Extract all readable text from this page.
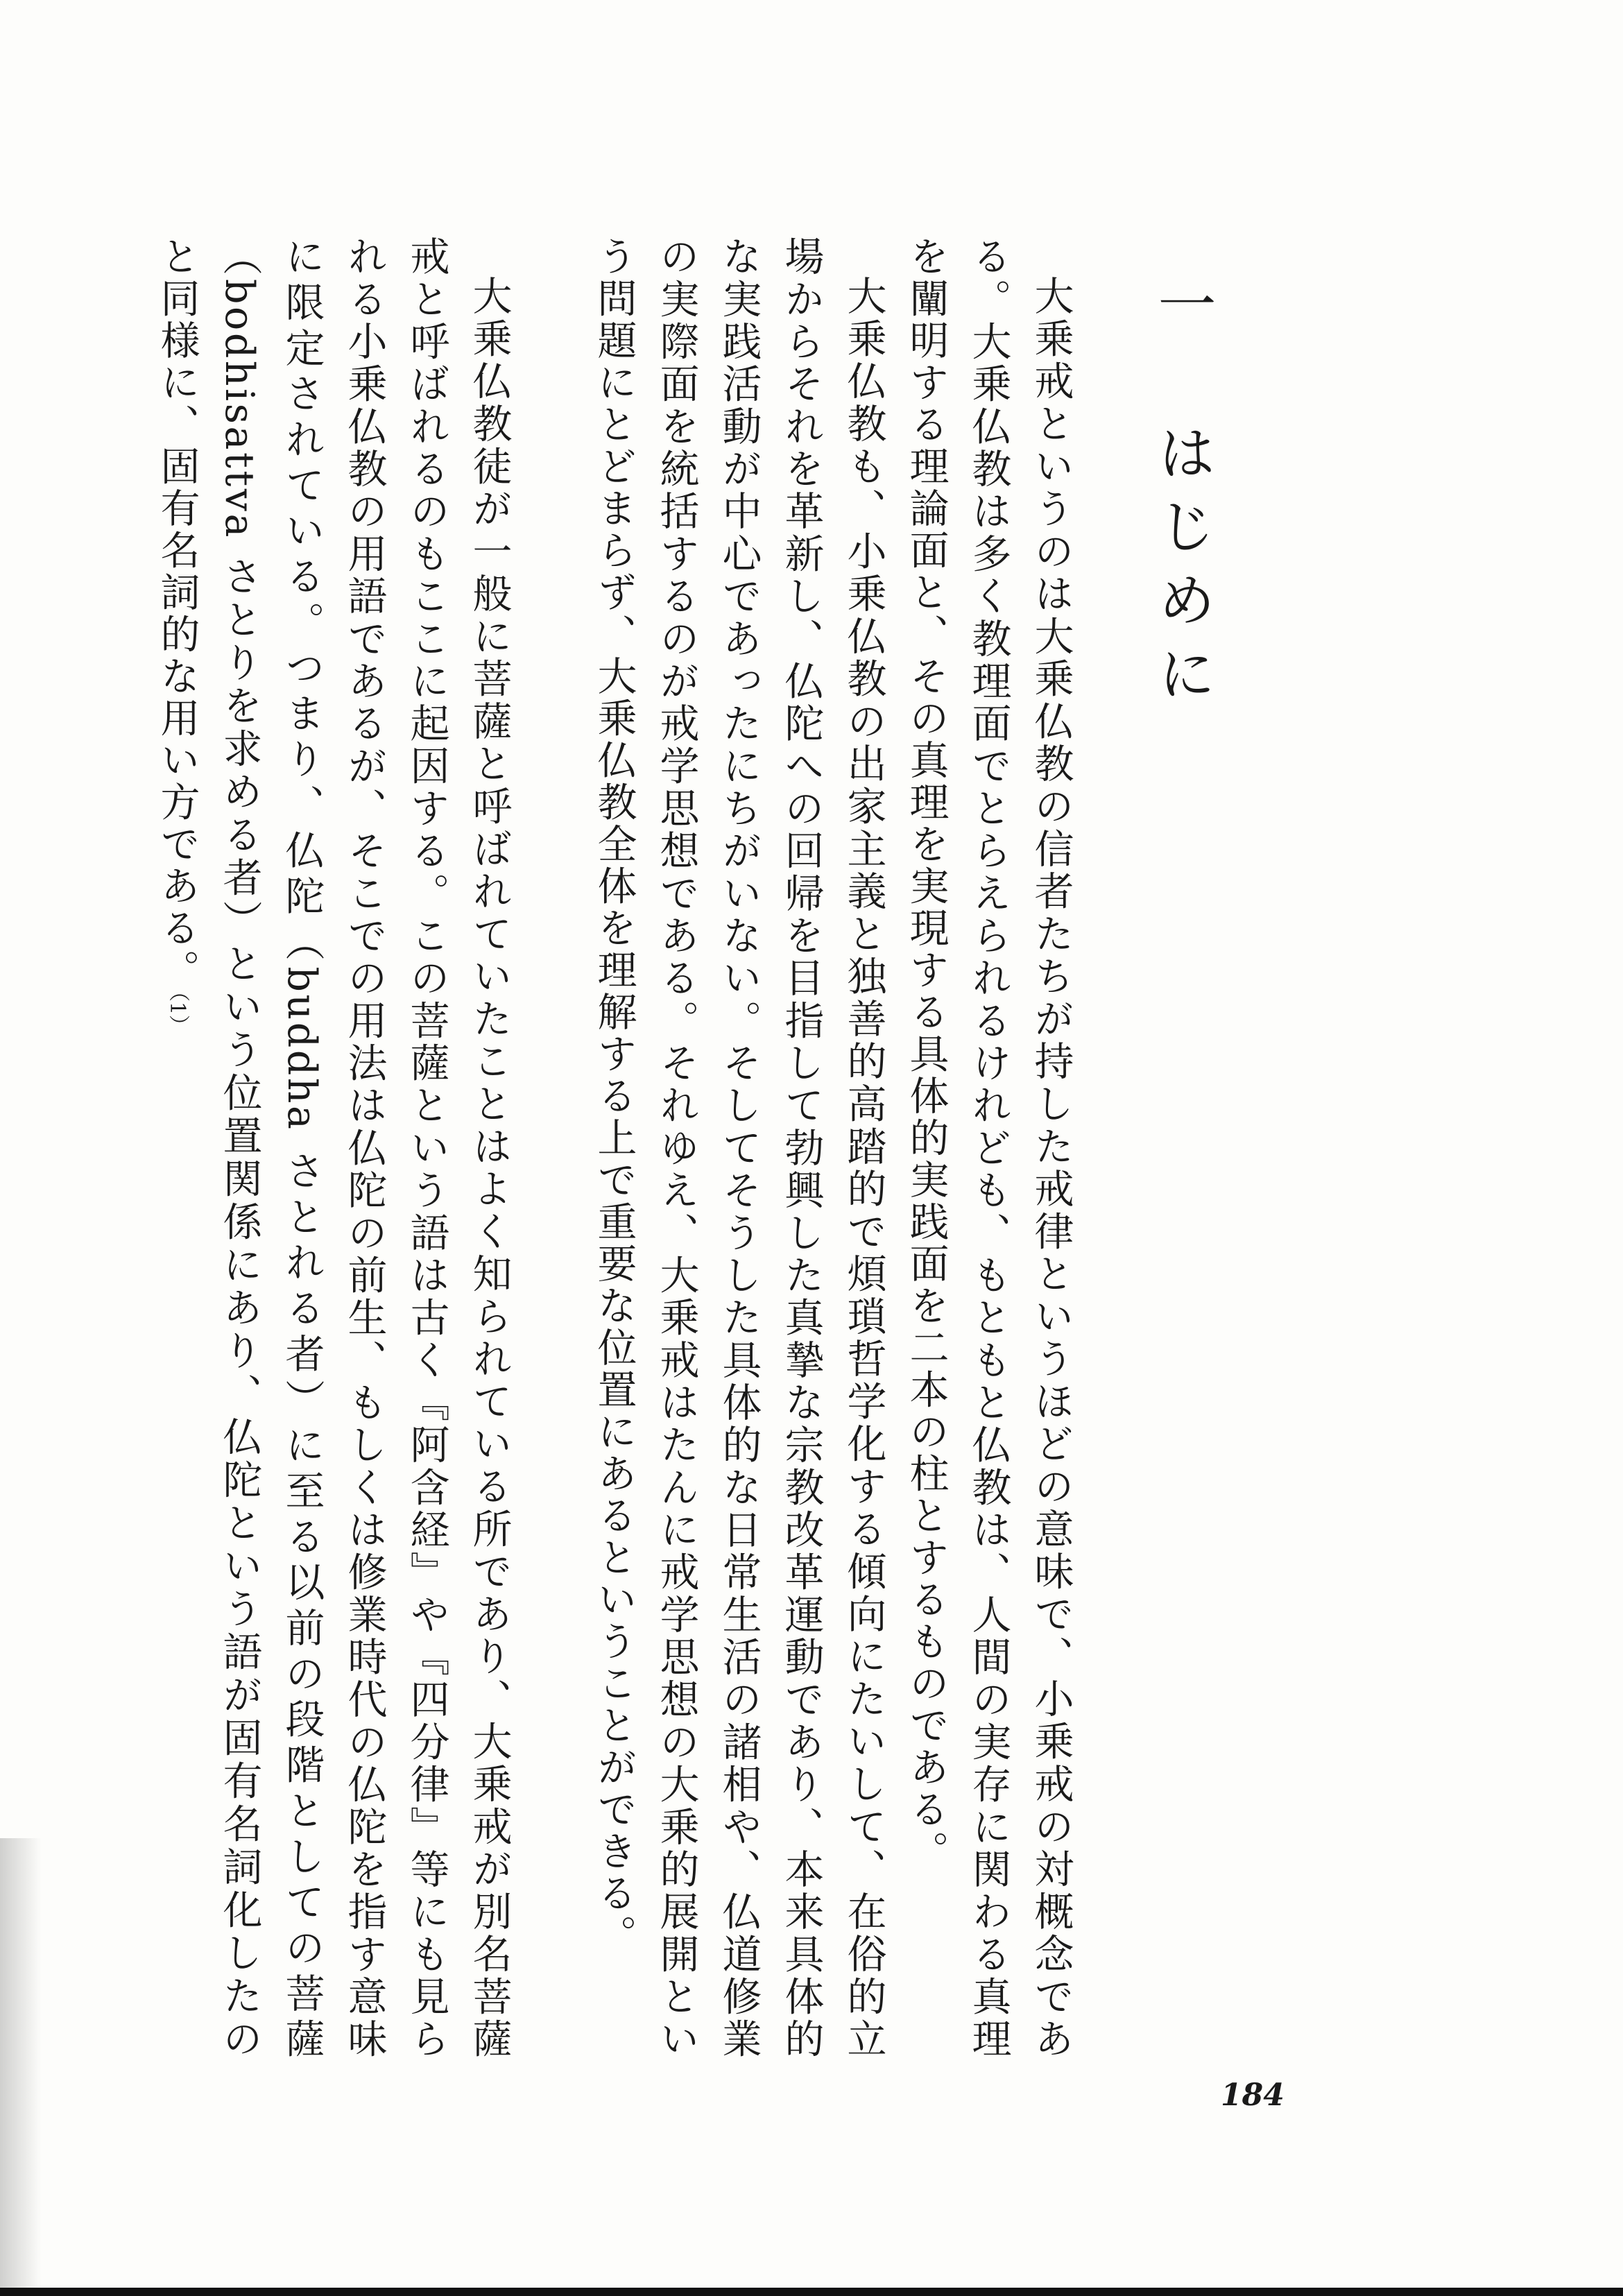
一 はじめに

大乗戒というのは大乗仏教の信者たちが持した戒律というほどの意味で、小乗戒の対概念である。大乗仏教は多く教理面でとらえられるけれども、もともと仏教は、人間の実存に関わる真理を闡明する理論面と、その真理を実現する具体的実践面を二本の柱とするものである。

大乗仏教も、小乗仏教の出家主義と独善的高踏的で煩瑣哲学化する傾向にたいして、在俗的立場からそれを革新し、仏陀への回帰を目指して勃興した真摯な宗教改革運動であり、本来具体的な実践活動が中心であったにちがいない。そしてそうした具体的な日常生活の諸相や、仏道修業の実際面を統括するのが戒学思想である。それゆえ、大乗戒はたんに戒学思想の大乗的展開という問題にとどまらず、大乗仏教全体を理解する上で重要な位置にあるということができる。

大乗仏教徒が一般に菩薩と呼ばれていたことはよく知られている所であり、大乗戒が別名菩薩戒と呼ばれるのもここに起因する。この菩薩という語は古く『阿含経』や『四分律』等にも見られる小乗仏教の用語であるが、そこでの用法は仏陀の前生、もしくは修業時代の仏陀を指す意味に限定されている。つまり、仏陀（buddha さとれる者）に至る以前の段階としての菩薩（bodhisattva さとりを求める者）という位置関係にあり、仏陀という語が固有名詞化したのと同様に、固有名詞的な用い方である。（1）

184
